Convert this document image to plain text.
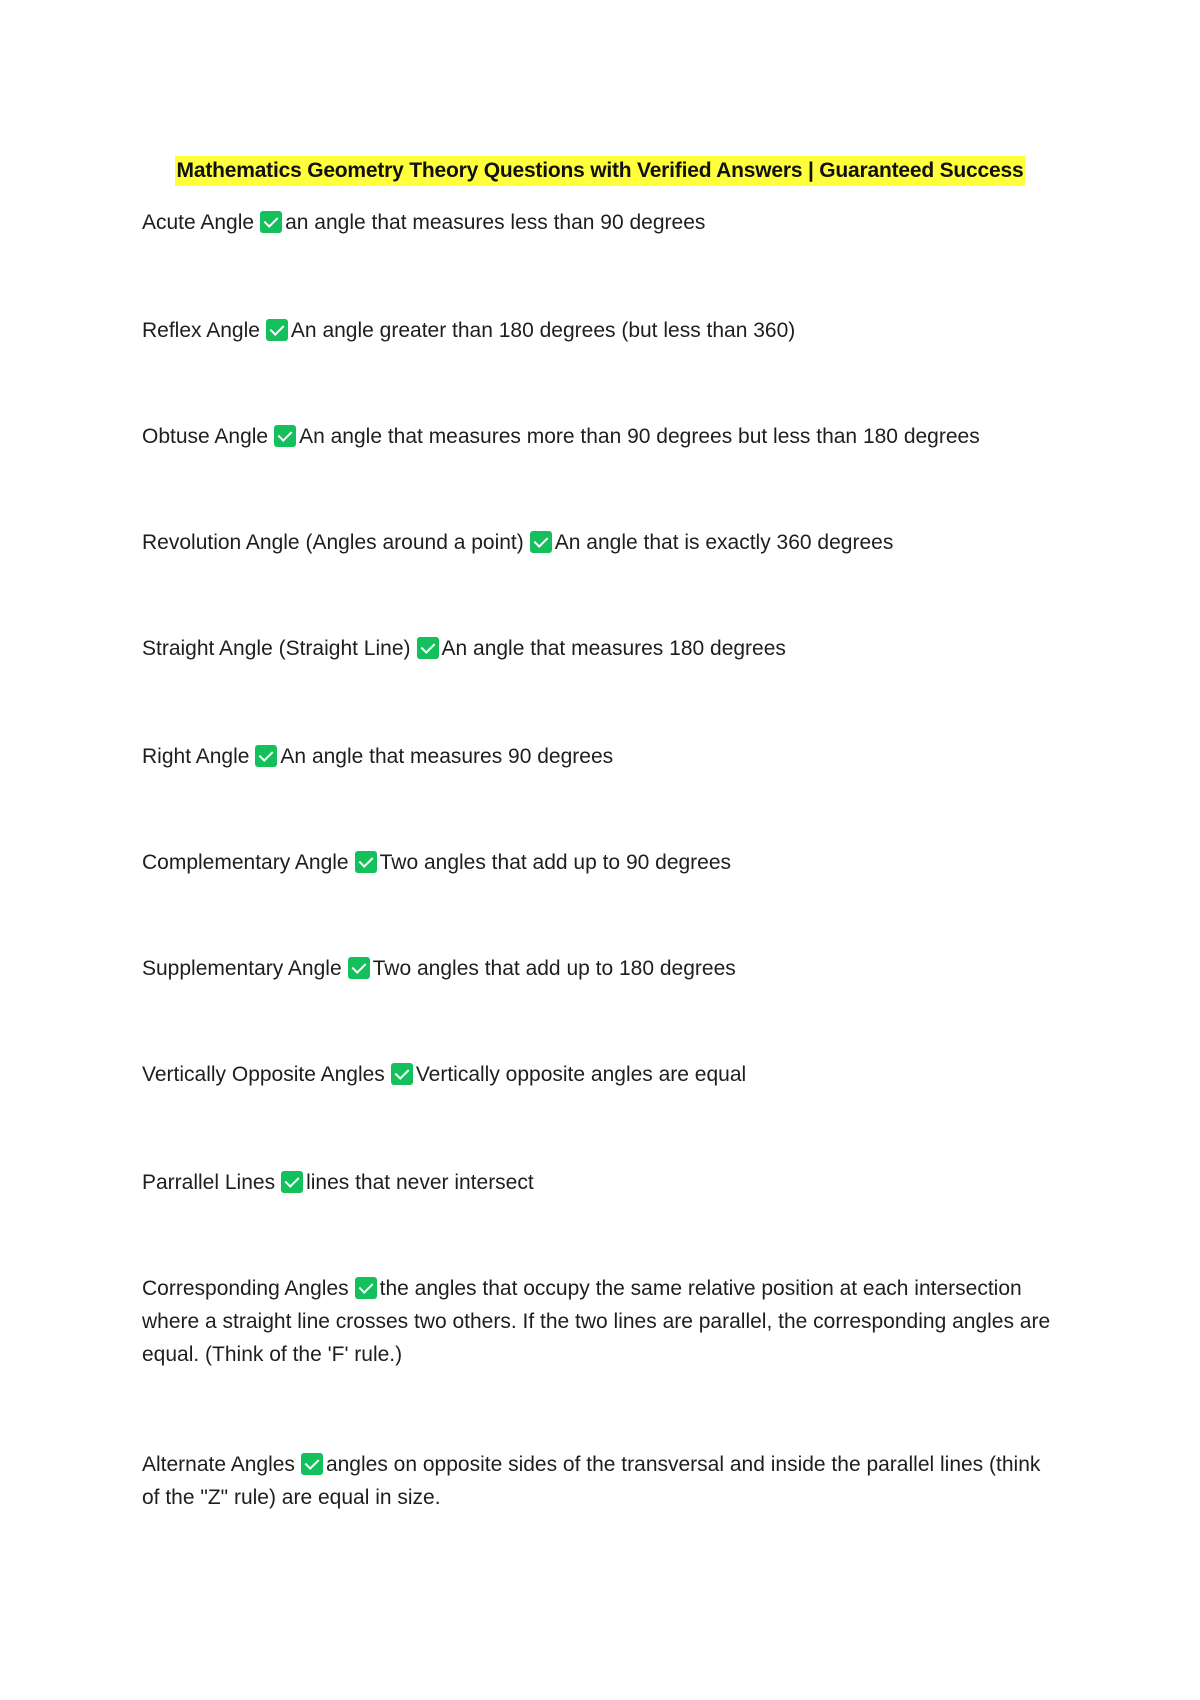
Mathematics Geometry Theory Questions with Verified Answers | Guaranteed Success
Acute Angle an angle that measures less than 90 degrees
Reflex Angle An angle greater than 180 degrees (but less than 360)
Obtuse Angle An angle that measures more than 90 degrees but less than 180 degrees
Revolution Angle (Angles around a point) An angle that is exactly 360 degrees
Straight Angle (Straight Line) An angle that measures 180 degrees
Right Angle An angle that measures 90 degrees
Complementary Angle Two angles that add up to 90 degrees
Supplementary Angle Two angles that add up to 180 degrees
Vertically Opposite Angles Vertically opposite angles are equal
Parrallel Lines lines that never intersect
Corresponding Angles the angles that occupy the same relative position at each intersection where a straight line crosses two others. If the two lines are parallel, the corresponding angles are equal. (Think of the 'F' rule.)
Alternate Angles angles on opposite sides of the transversal and inside the parallel lines (think of the "Z" rule) are equal in size.
